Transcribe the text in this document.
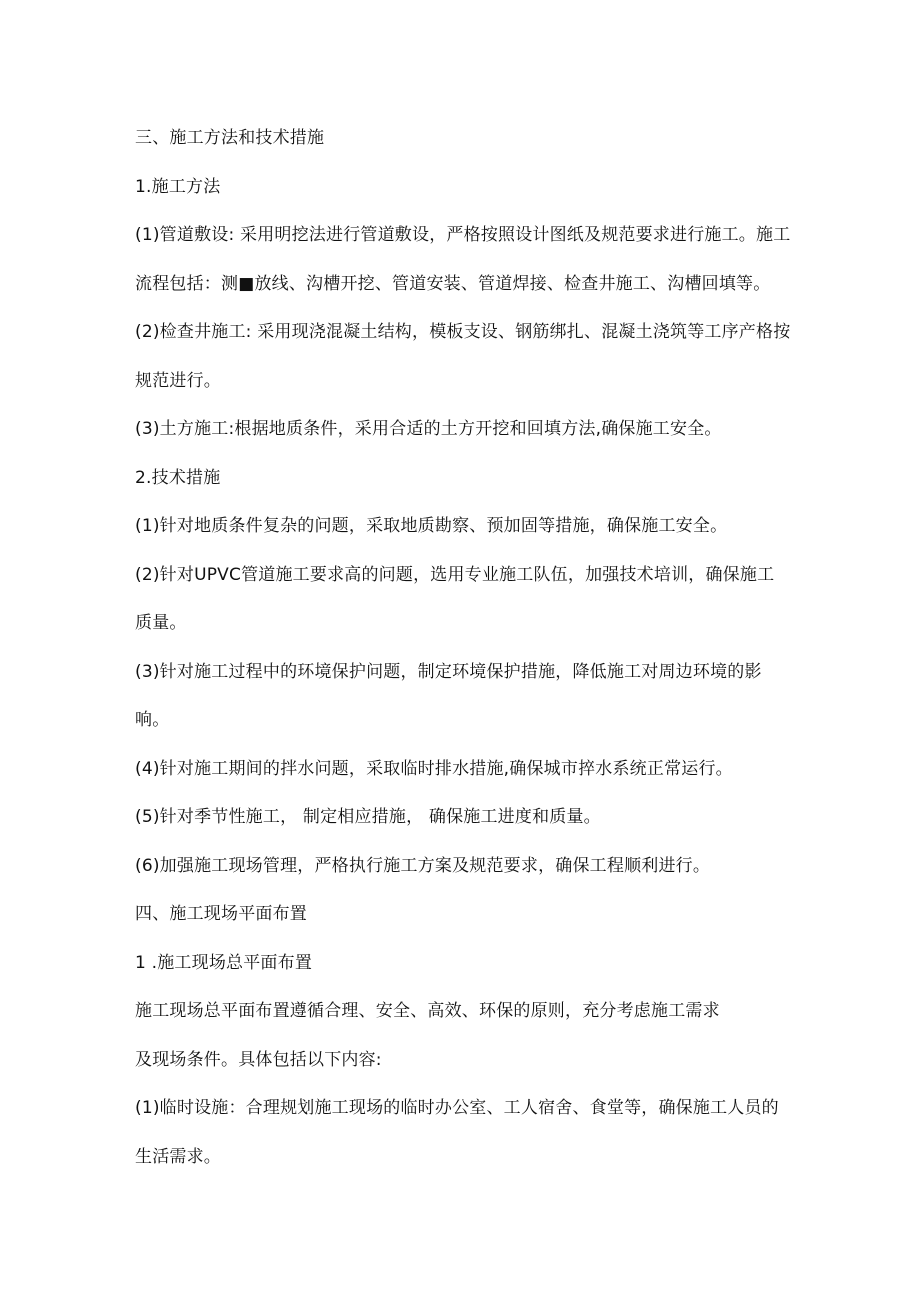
三、施工方法和技术措施
1.施工方法
(1)管道敷设: 采用明挖法进行管道敷设，严格按照设计图纸及规范要求进行施工。施工
流程包括：测■放线、沟槽开挖、管道安装、管道焊接、检查井施工、沟槽回填等。
(2)检查井施工: 采用现浇混凝土结构，模板支设、钢筋绑扎、混凝土浇筑等工序产格按
规范进行。
(3)土方施工:根据地质条件，采用合适的土方开挖和回填方法,确保施工安全。
2.技术措施
(1)针对地质条件复杂的问题，采取地质勘察、预加固等措施，确保施工安全。
(2)针对UPVC管道施工要求高的问题，选用专业施工队伍，加强技术培训，确保施工
质量。
(3)针对施工过程中的环境保护问题，制定环境保护措施，降低施工对周边环境的影
响。
(4)针对施工期间的拌水问题，采取临时排水措施,确保城市捽水系统正常运行。
(5)针对季节性施工， 制定相应措施， 确保施工进度和质量。
(6)加强施工现场管理，严格执行施工方案及规范要求，确保工程顺利进行。
四、施工现场平面布置
1 .施工现场总平面布置
施工现场总平面布置遵循合理、安全、高效、环保的原则，充分考虑施工需求
及现场条件。具体包括以下内容:
(1)临时设施：合理规划施工现场的临时办公室、工人宿舍、食堂等，确保施工人员的
生活需求。
